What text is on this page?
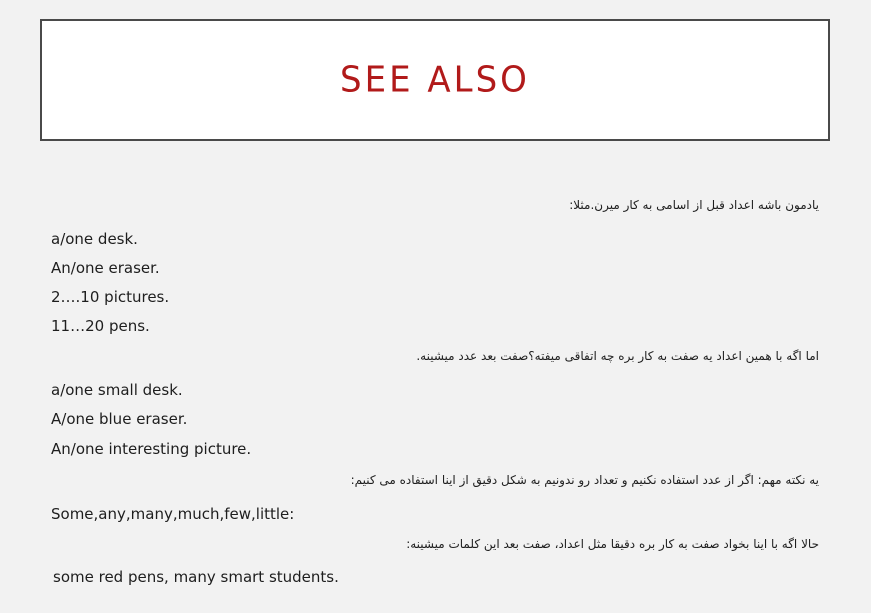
SEE ALSO
یادمون باشه اعداد قبل از اسامی به کار میرن.مثلا:
a/one desk.
An/one eraser.
2….10 pictures.
11…20 pens.
اما اگه با همین اعداد یه صفت به کار بره چه اتفاقی میفته؟صفت بعد عدد میشینه.
a/one small desk.
A/one blue eraser.
An/one interesting picture.
یه نکته مهم: اگر از عدد استفاده نکنیم و تعداد رو ندونیم به شکل دقیق از اینا استفاده می کنیم:
Some,any,many,much,few,little:
حالا اگه با اینا بخواد صفت به کار بره دقیقا مثل اعداد، صفت بعد این کلمات میشینه:
some red pens, many smart students.
